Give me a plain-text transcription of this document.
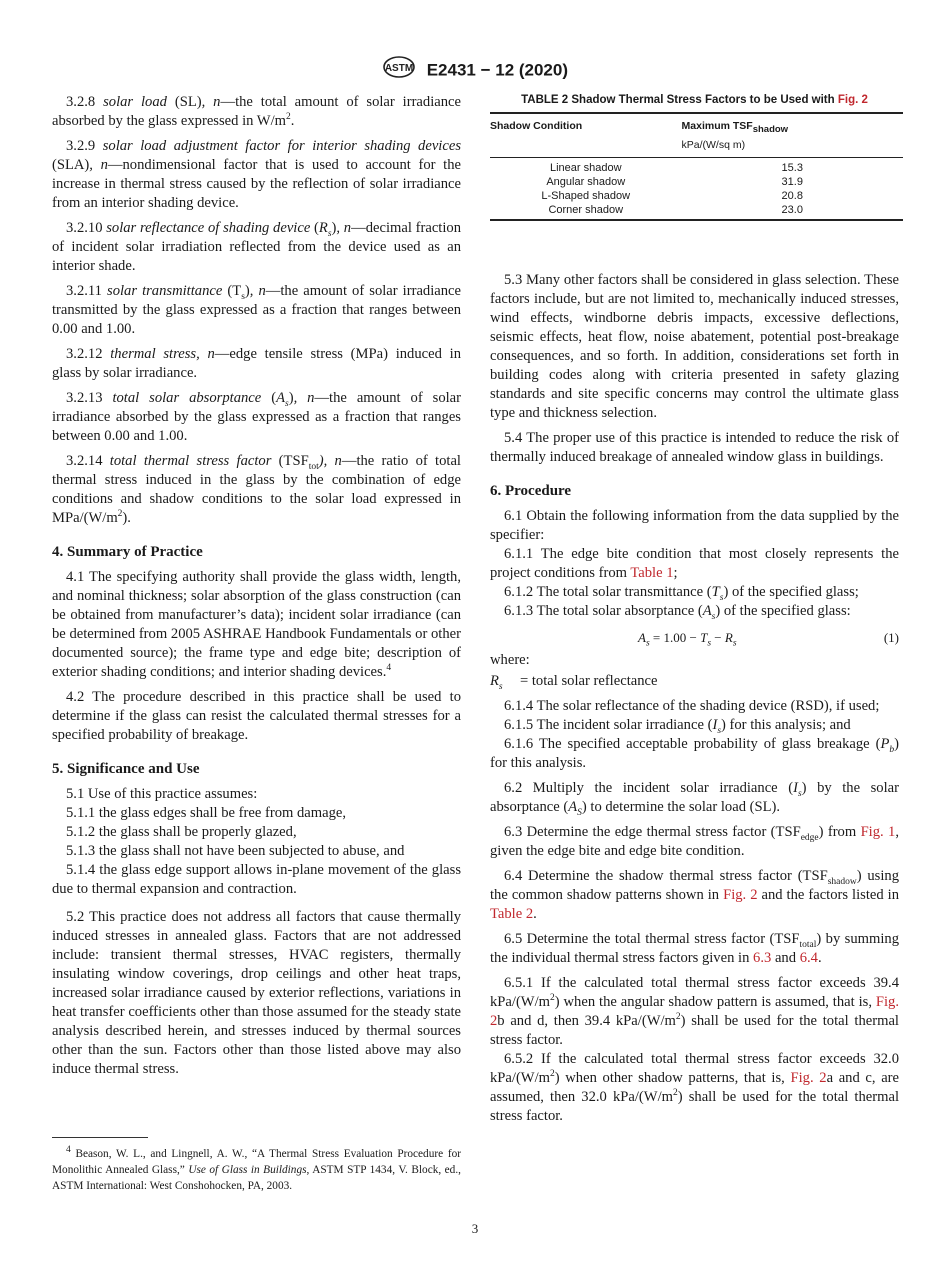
ASTM E2431 − 12 (2020)

3.2.8 solar load (SL), n—the total amount of solar irradiance absorbed by the glass expressed in $W/m^2$.

3.2.9 solar load adjustment factor for interior shading devices (SLA), n—nondimensional factor that is used to account for the increase in thermal stress caused by the reflection of solar irradiance from an interior shading device.

3.2.10 solar reflectance of shading device $(R_s)$, n—decimal fraction of incident solar irradiation reflected from the device used as an interior shade.

3.2.11 solar transmittance $(T_s)$, n—the amount of solar irradiance transmitted by the glass expressed as a fraction that ranges between 0.00 and 1.00.

3.2.12 thermal stress, n—edge tensile stress (MPa) induced in glass by solar irradiance.

3.2.13 total solar absorptance $(A_s)$, n—the amount of solar irradiance absorbed by the glass expressed as a fraction that ranges between 0.00 and 1.00.

3.2.14 total thermal stress factor $(TSF_{tot})$, n—the ratio of total thermal stress induced in the glass by the combination of edge conditions and shadow conditions to the solar load expressed in MPa/$(W/m^2)$.

4. Summary of Practice

4.1 The specifying authority shall provide the glass width, length, and nominal thickness; solar absorption of the glass construction (can be obtained from manufacturer’s data); incident solar irradiance (can be determined from 2005 ASHRAE Handbook Fundamentals or other documented source); the frame type and edge bite; description of exterior shading conditions; and interior shading devices.$^4$

4.2 The procedure described in this practice shall be used to determine if the glass can resist the calculated thermal stresses for a specified probability of breakage.

5. Significance and Use

5.1 Use of this practice assumes:

5.1.1 the glass edges shall be free from damage,

5.1.2 the glass shall be properly glazed,

5.1.3 the glass shall not have been subjected to abuse, and

5.1.4 the glass edge support allows in-plane movement of the glass due to thermal expansion and contraction.

5.2 This practice does not address all factors that cause thermally induced stresses in annealed glass. Factors that are not addressed include: transient thermal stresses, HVAC registers, thermally insulating window coverings, drop ceilings and other heat traps, increased solar irradiance caused by exterior reflections, variations in heat transfer coefficients other than those assumed for the steady state analysis described herein, and stresses induced by thermal sources other than the sun. Factors other than those listed above may also induce thermal stress.

$^4$ Beason, W. L., and Lingnell, A. W., “A Thermal Stress Evaluation Procedure for Monolithic Annealed Glass,” Use of Glass in Buildings, ASTM STP 1434, V. Block, ed., ASTM International: West Conshohocken, PA, 2003.

TABLE 2 Shadow Thermal Stress Factors to be Used with Fig. 2
Shadow Condition	Maximum $TSF_{shadow}$
kPa/(W/sq m)

Linear shadow	15.3
Angular shadow	31.9
L-Shaped shadow	20.8
Corner shadow	23.0

5.3 Many other factors shall be considered in glass selection. These factors include, but are not limited to, mechanically induced stresses, wind effects, windborne debris impacts, excessive deflections, seismic effects, heat flow, noise abatement, potential post-breakage consequences, and so forth. In addition, considerations set forth in building codes along with criteria presented in safety glazing standards and site specific concerns may control the ultimate glass type and thickness selection.

5.4 The proper use of this practice is intended to reduce the risk of thermally induced breakage of annealed window glass in buildings.

6. Procedure

6.1 Obtain the following information from the data supplied by the specifier:

6.1.1 The edge bite condition that most closely represents the project conditions from Table 1;

6.1.2 The total solar transmittance $(T_s)$ of the specified glass;

6.1.3 The total solar absorptance $(A_s)$ of the specified glass:

$A_s = 1.00 - T_s - R_s$	(1)

where:

$R_s$ = total solar reflectance

6.1.4 The solar reflectance of the shading device (RSD), if used;

6.1.5 The incident solar irradiance $(I_s)$ for this analysis; and

6.1.6 The specified acceptable probability of glass breakage $(P_b)$ for this analysis.

6.2 Multiply the incident solar irradiance $(I_s)$ by the solar absorptance $(A_S)$ to determine the solar load (SL).

6.3 Determine the edge thermal stress factor $(TSF_{edge})$ from Fig. 1, given the edge bite and edge bite condition.

6.4 Determine the shadow thermal stress factor $(TSF_{shadow})$ using the common shadow patterns shown in Fig. 2 and the factors listed in Table 2.

6.5 Determine the total thermal stress factor $(TSF_{total})$ by summing the individual thermal stress factors given in 6.3 and 6.4.

6.5.1 If the calculated total thermal stress factor exceeds 39.4 kPa/$(W/m^2)$ when the angular shadow pattern is assumed, that is, Fig. 2b and d, then 39.4 kPa/$(W/m^2)$ shall be used for the total thermal stress factor.

6.5.2 If the calculated total thermal stress factor exceeds 32.0 kPa/$(W/m^2)$ when other shadow patterns, that is, Fig. 2a and c, are assumed, then 32.0 kPa/$(W/m^2)$ shall be used for the total thermal stress factor.

3
